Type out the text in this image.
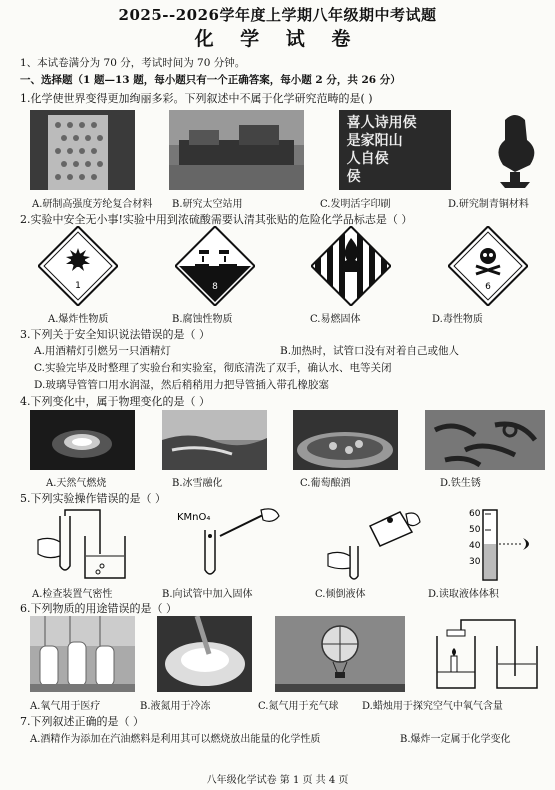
2025--2026学年度上学期八年级期中考试题
化 学 试 卷
1、本试卷满分为 70 分，考试时间为 70 分钟。
一、选择题（1 题—13 题，每小题只有一个正确答案，每小题 2 分，共 26 分）
1.化学使世界变得更加绚丽多彩。下列叙述中不属于化学研究范畴的是( )
喜人诗用侯
是家阳山
人自侯
侯
A.研制高强度芳纶复合材料 B.研究太空站用	C.发明活字印刷	D.研究制青铜材料
2.实验中安全无小事!实验中用到浓硫酸需要认清其张贴的危险化学品标志是（ ）
1	8	6
A.爆炸性物质	B.腐蚀性物质	C.易燃固体	D.毒性物质
3.下列关于安全知识说法错误的是（ ）
A.用酒精灯引燃另一只酒精灯	B.加热时，试管口没有对着自己或他人
C.实验完毕及时整理了实验台和实验室，彻底清洗了双手，确认水、电等关闭
D.玻璃导管管口用水润湿，然后稍稍用力把导管插入带孔橡胶塞
4.下列变化中，属于物理变化的是（ ）
A.天然气燃烧	B.冰雪融化	C.葡萄酿酒	D.铁生锈
5.下列实验操作错误的是（ ）
KMnO₄	60
50
40
30
A.检查装置气密性	B.向试管中加入固体	C.倾倒液体	D.读取液体体积
6.下列物质的用途错误的是（ ）
A.氧气用于医疗	B.液氮用于冷冻	C.氮气用于充气球 D.蜡烛用于探究空气中氧气含量
7.下列叙述正确的是（ ）
A.酒精作为添加在汽油燃料是利用其可以燃烧放出能量的化学性质	B.爆炸一定属于化学变化
八年级化学试卷 第 1 页 共 4 页
